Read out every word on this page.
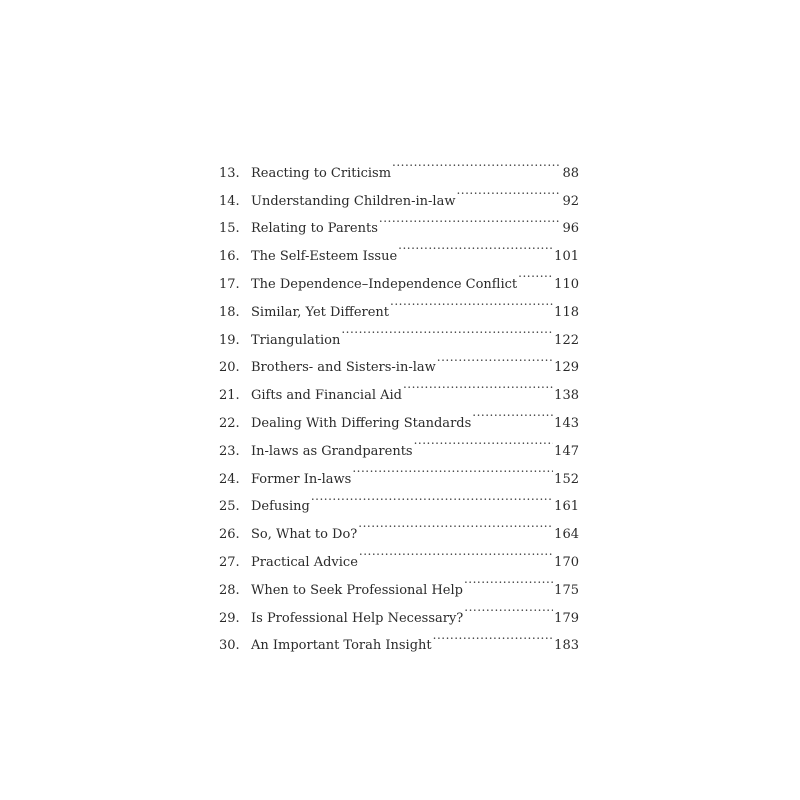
13. Reacting to Criticism .....	88
14. Understanding Children-in-law .....	92
15. Relating to Parents .....	96
16. The Self-Esteem Issue .....	101
17. The Dependence–Independence Conflict .....	110
18. Similar, Yet Different .....	118
19. Triangulation .....	122
20. Brothers- and Sisters-in-law .....	129
21. Gifts and Financial Aid .....	138
22. Dealing With Differing Standards .....	143
23. In-laws as Grandparents .....	147
24. Former In-laws .....	152
25. Defusing .....	161
26. So, What to Do? .....	164
27. Practical Advice .....	170
28. When to Seek Professional Help .....	175
29. Is Professional Help Necessary? .....	179
30. An Important Torah Insight .....	183
